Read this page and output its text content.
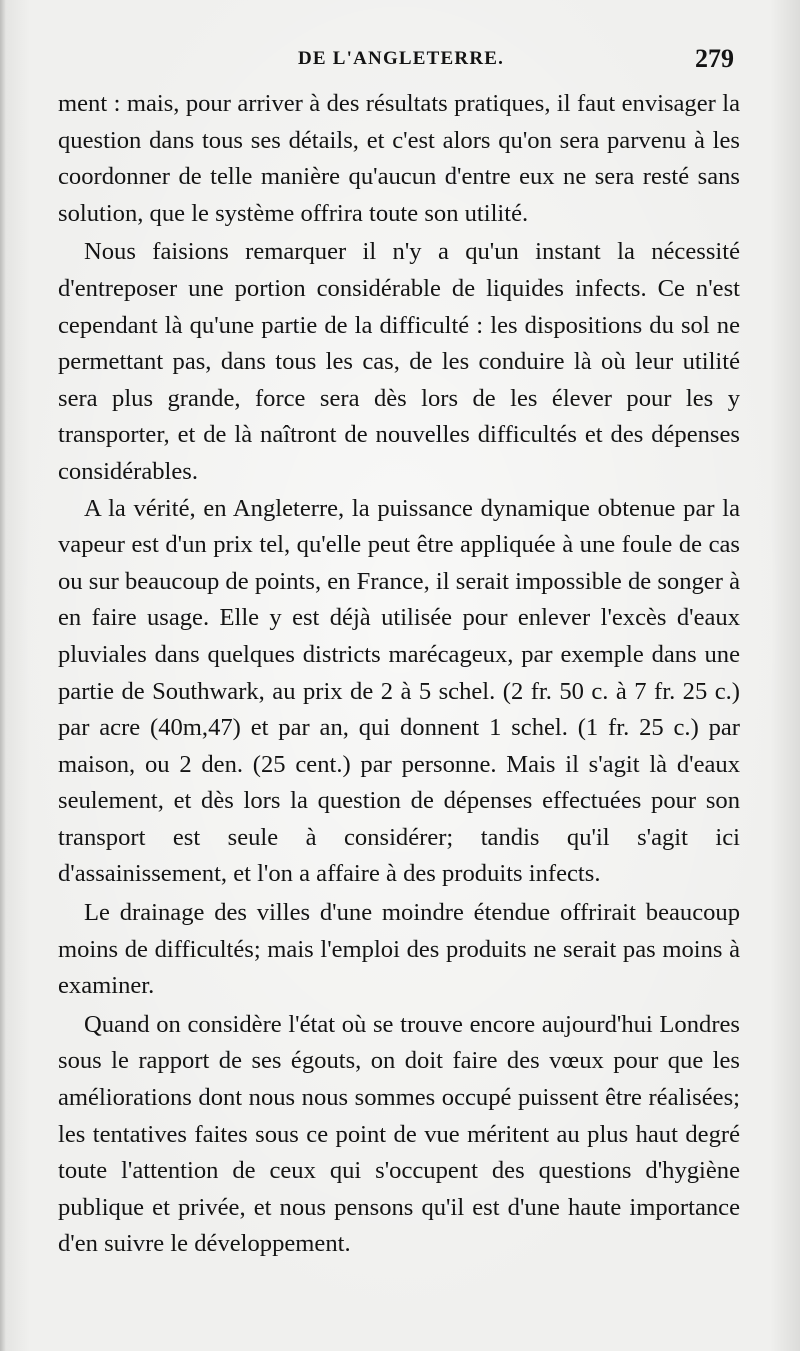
DE L'ANGLETERRE.	279

ment : mais, pour arriver à des résultats pratiques, il faut envisager la question dans tous ses détails, et c'est alors qu'on sera parvenu à les coordonner de telle manière qu'aucun d'entre eux ne sera resté sans solution, que le système offrira toute son utilité.

Nous faisions remarquer il n'y a qu'un instant la nécessité d'entreposer une portion considérable de liquides infects. Ce n'est cependant là qu'une partie de la difficulté : les dispositions du sol ne permettant pas, dans tous les cas, de les conduire là où leur utilité sera plus grande, force sera dès lors de les élever pour les y transporter, et de là naîtront de nouvelles difficultés et des dépenses considérables.

A la vérité, en Angleterre, la puissance dynamique obtenue par la vapeur est d'un prix tel, qu'elle peut être appliquée à une foule de cas ou sur beaucoup de points, en France, il serait impossible de songer à en faire usage. Elle y est déjà utilisée pour enlever l'excès d'eaux pluviales dans quelques districts marécageux, par exemple dans une partie de Southwark, au prix de 2 à 5 schel. (2 fr. 50 c. à 7 fr. 25 c.) par acre (40m,47) et par an, qui donnent 1 schel. (1 fr. 25 c.) par maison, ou 2 den. (25 cent.) par personne. Mais il s'agit là d'eaux seulement, et dès lors la question de dépenses effectuées pour son transport est seule à considérer; tandis qu'il s'agit ici d'assainissement, et l'on a affaire à des produits infects.

Le drainage des villes d'une moindre étendue offrirait beaucoup moins de difficultés; mais l'emploi des produits ne serait pas moins à examiner.

Quand on considère l'état où se trouve encore aujourd'hui Londres sous le rapport de ses égouts, on doit faire des vœux pour que les améliorations dont nous nous sommes occupé puissent être réalisées; les tentatives faites sous ce point de vue méritent au plus haut degré toute l'attention de ceux qui s'occupent des questions d'hygiène publique et privée, et nous pensons qu'il est d'une haute importance d'en suivre le développement.
